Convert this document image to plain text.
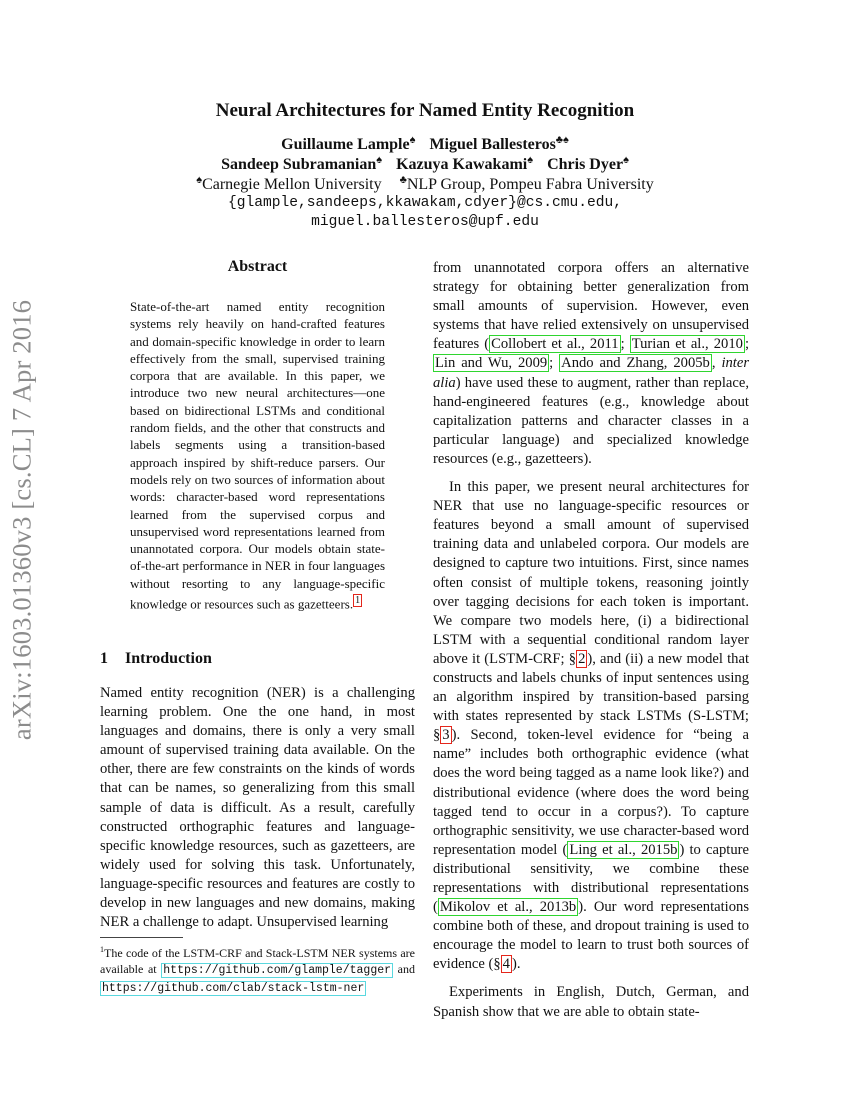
arXiv:1603.01360v3 [cs.CL] 7 Apr 2016
Neural Architectures for Named Entity Recognition
Guillaume Lample♠ Miguel Ballesteros♣♠
Sandeep Subramanian♠ Kazuya Kawakami♠ Chris Dyer♠
♠Carnegie Mellon University ♣NLP Group, Pompeu Fabra University
{glample,sandeeps,kkawakam,cdyer}@cs.cmu.edu,
miguel.ballesteros@upf.edu
Abstract
State-of-the-art named entity recognition systems rely heavily on hand-crafted features and domain-specific knowledge in order to learn effectively from the small, supervised training corpora that are available. In this paper, we introduce two new neural architectures—one based on bidirectional LSTMs and conditional random fields, and the other that constructs and labels segments using a transition-based approach inspired by shift-reduce parsers. Our models rely on two sources of information about words: character-based word representations learned from the supervised corpus and unsupervised word representations learned from unannotated corpora. Our models obtain state-of-the-art performance in NER in four languages without resorting to any language-specific knowledge or resources such as gazetteers. $^1$
1 Introduction
Named entity recognition (NER) is a challenging learning problem. One the one hand, in most languages and domains, there is only a very small amount of supervised training data available. On the other, there are few constraints on the kinds of words that can be names, so generalizing from this small sample of data is difficult. As a result, carefully constructed orthographic features and language-specific knowledge resources, such as gazetteers, are widely used for solving this task. Unfortunately, language-specific resources and features are costly to develop in new languages and new domains, making NER a challenge to adapt. Unsupervised learning
$^1$The code of the LSTM-CRF and Stack-LSTM NER systems are available at https://github.com/glample/tagger and https://github.com/clab/stack-lstm-ner

from unannotated corpora offers an alternative strategy for obtaining better generalization from small amounts of supervision. However, even systems that have relied extensively on unsupervised features ( Collobert et al., 2011 ; Turian et al., 2010 ; Lin and Wu, 2009 ; Ando and Zhang, 2005b , inter alia) have used these to augment, rather than replace, hand-engineered features (e.g., knowledge about capitalization patterns and character classes in a particular language) and specialized knowledge resources (e.g., gazetteers).

In this paper, we present neural architectures for NER that use no language-specific resources or features beyond a small amount of supervised training data and unlabeled corpora. Our models are designed to capture two intuitions. First, since names often consist of multiple tokens, reasoning jointly over tagging decisions for each token is important. We compare two models here, (i) a bidirectional LSTM with a sequential conditional random layer above it (LSTM-CRF; § 2 ), and (ii) a new model that constructs and labels chunks of input sentences using an algorithm inspired by transition-based parsing with states represented by stack LSTMs (S-LSTM; § 3 ). Second, token-level evidence for “being a name” includes both orthographic evidence (what does the word being tagged as a name look like?) and distributional evidence (where does the word being tagged tend to occur in a corpus?). To capture orthographic sensitivity, we use character-based word representation model ( Ling et al., 2015b ) to capture distributional sensitivity, we combine these representations with distributional representations ( Mikolov et al., 2013b ). Our word representations combine both of these, and dropout training is used to encourage the model to learn to trust both sources of evidence (§ 4 ).

Experiments in English, Dutch, German, and Spanish show that we are able to obtain state-
